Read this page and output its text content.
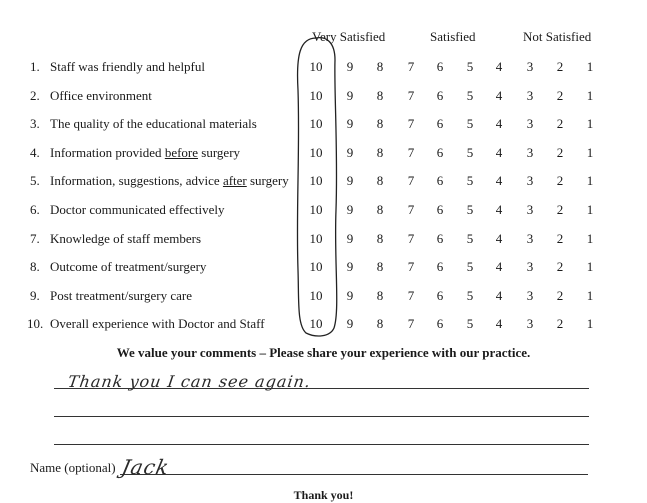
Very Satisfied	Satisfied	Not Satisfied
1. Staff was friendly and helpful	10 9 8 7 6 5 4 3 2 1
2. Office environment	10 9 8 7 6 5 4 3 2 1
3. The quality of the educational materials	10 9 8 7 6 5 4 3 2 1
4. Information provided before surgery	10 9 8 7 6 5 4 3 2 1
5. Information, suggestions, advice after surgery 10 9 8 7 6 5 4 3 2 1
6. Doctor communicated effectively	10 9 8 7 6 5 4 3 2 1
7. Knowledge of staff members	10 9 8 7 6 5 4 3 2 1
8. Outcome of treatment/surgery	10 9 8 7 6 5 4 3 2 1
9. Post treatment/surgery care	10 9 8 7 6 5 4 3 2 1
10. Overall experience with Doctor and Staff	10 9 8 7 6 5 4 3 2 1
We value your comments – Please share your experience with our practice.
Thank you I can see again.
Name (optional) Jack
Thank you!
